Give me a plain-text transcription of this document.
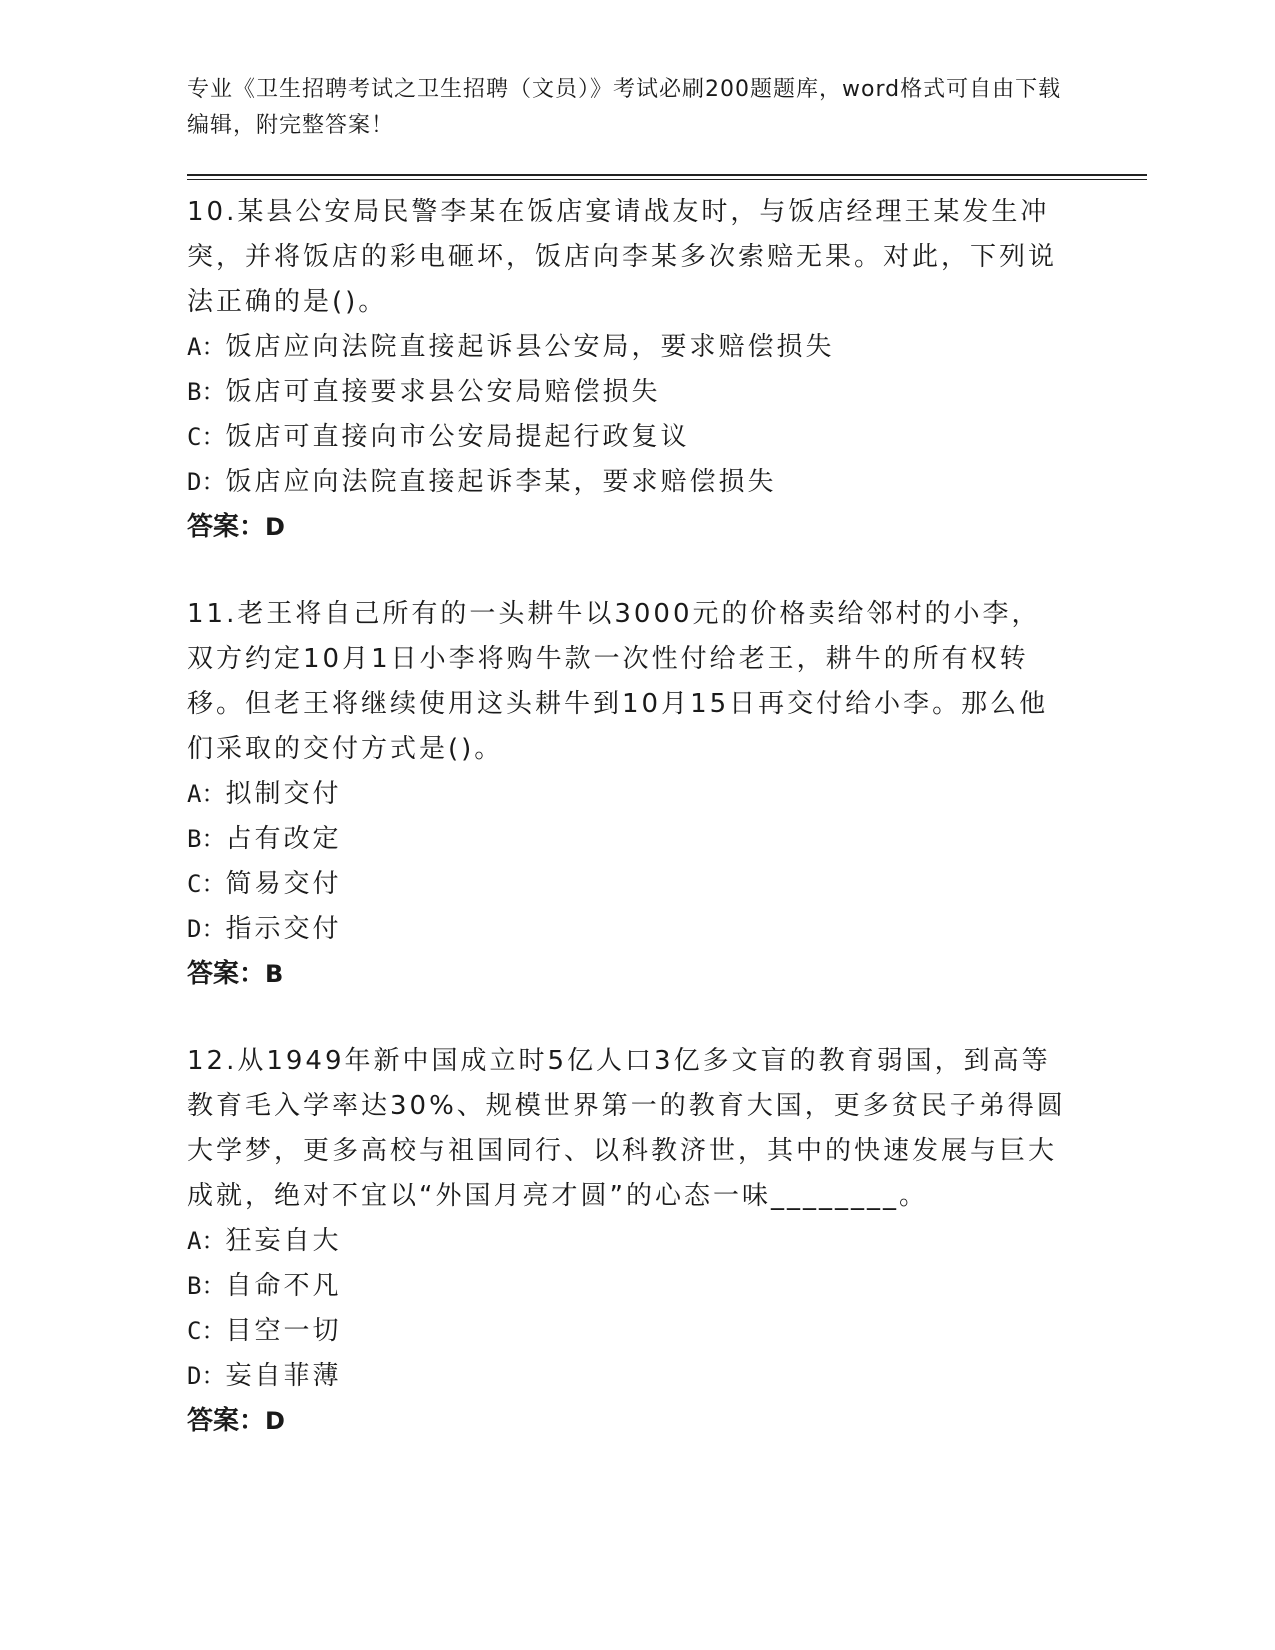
专业《卫生招聘考试之卫生招聘（文员）》考试必刷200题题库，word格式可自由下载编辑，附完整答案！

10.某县公安局民警李某在饭店宴请战友时，与饭店经理王某发生冲突，并将饭店的彩电砸坏，饭店向李某多次索赔无果。对此，下列说法正确的是()。

A：饭店应向法院直接起诉县公安局，要求赔偿损失

B：饭店可直接要求县公安局赔偿损失

C：饭店可直接向市公安局提起行政复议

D：饭店应向法院直接起诉李某，要求赔偿损失

答案：D

11.老王将自己所有的一头耕牛以3000元的价格卖给邻村的小李，双方约定10月1日小李将购牛款一次性付给老王，耕牛的所有权转移。但老王将继续使用这头耕牛到10月15日再交付给小李。那么他们采取的交付方式是()。

A：拟制交付

B：占有改定

C：简易交付

D：指示交付

答案：B

12.从1949年新中国成立时5亿人口3亿多文盲的教育弱国，到高等教育毛入学率达30%、规模世界第一的教育大国，更多贫民子弟得圆大学梦，更多高校与祖国同行、以科教济世，其中的快速发展与巨大成就，绝对不宜以“外国月亮才圆”的心态一味________。

A：狂妄自大

B：自命不凡

C：目空一切

D：妄自菲薄

答案：D
